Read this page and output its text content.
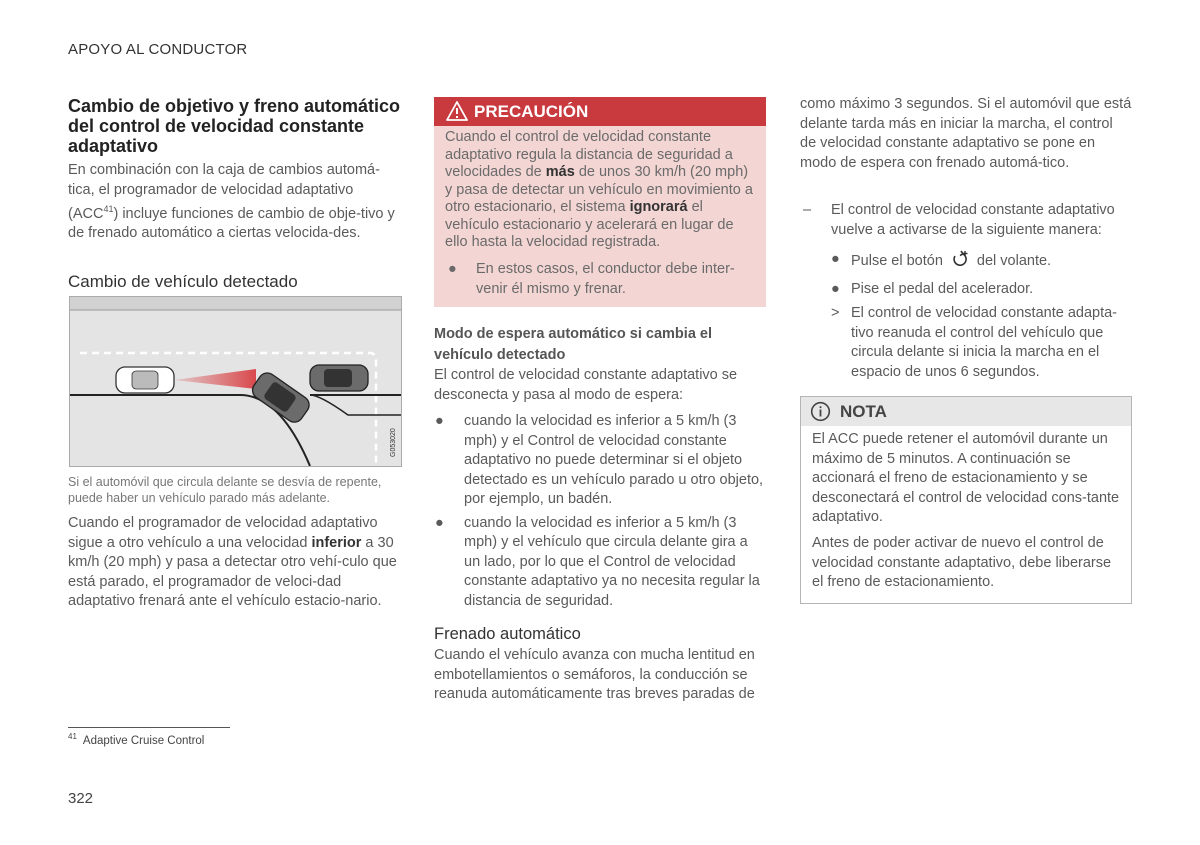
APOYO AL CONDUCTOR
Cambio de objetivo y freno automático del control de velocidad constante adaptativo
En combinación con la caja de cambios automá-tica, el programador de velocidad adaptativo (ACC$^{41}$) incluye funciones de cambio de obje-tivo y de frenado automático a ciertas velocida-des.
Cambio de vehículo detectado
G053020
Si el automóvil que circula delante se desvía de repente, puede haber un vehículo parado más adelante.
Cuando el programador de velocidad adaptativo sigue a otro vehículo a una velocidad inferior a 30 km/h (20 mph) y pasa a detectar otro vehí-culo que está parado, el programador de veloci-dad adaptativo frenará ante el vehículo estacio-nario.
$^{41}$ Adaptive Cruise Control
322
PRECAUCIÓN
Cuando el control de velocidad constante adaptativo regula la distancia de seguridad a velocidades de más de unos 30 km/h (20 mph) y pasa de detectar un vehículo en movimiento a otro estacionario, el sistema ignorará el vehículo estacionario y acelerará en lugar de ello hasta la velocidad registrada.
●	En estos casos, el conductor debe inter-venir él mismo y frenar.
Modo de espera automático si cambia el vehículo detectado
El control de velocidad constante adaptativo se desconecta y pasa al modo de espera:
●	cuando la velocidad es inferior a 5 km/h (3 mph) y el Control de velocidad constante adaptativo no puede determinar si el objeto detectado es un vehículo parado u otro objeto, por ejemplo, un badén.
●	cuando la velocidad es inferior a 5 km/h (3 mph) y el vehículo que circula delante gira a un lado, por lo que el Control de velocidad constante adaptativo ya no necesita regular la distancia de seguridad.
Frenado automático
Cuando el vehículo avanza con mucha lentitud en embotellamientos o semáforos, la conducción se reanuda automáticamente tras breves paradas de
como máximo 3 segundos. Si el automóvil que está delante tarda más en iniciar la marcha, el control de velocidad constante adaptativo se pone en modo de espera con frenado automá-tico.
–	El control de velocidad constante adaptativo vuelve a activarse de la siguiente manera:
● Pulse el botón del volante.
● Pise el pedal del acelerador.
> El control de velocidad constante adapta-tivo reanuda el control del vehículo que circula delante si inicia la marcha en el espacio de unos 6 segundos.
NOTA
El ACC puede retener el automóvil durante un máximo de 5 minutos. A continuación se accionará el freno de estacionamiento y se desconectará el control de velocidad cons-tante adaptativo.
Antes de poder activar de nuevo el control de velocidad constante adaptativo, debe liberarse el freno de estacionamiento.
